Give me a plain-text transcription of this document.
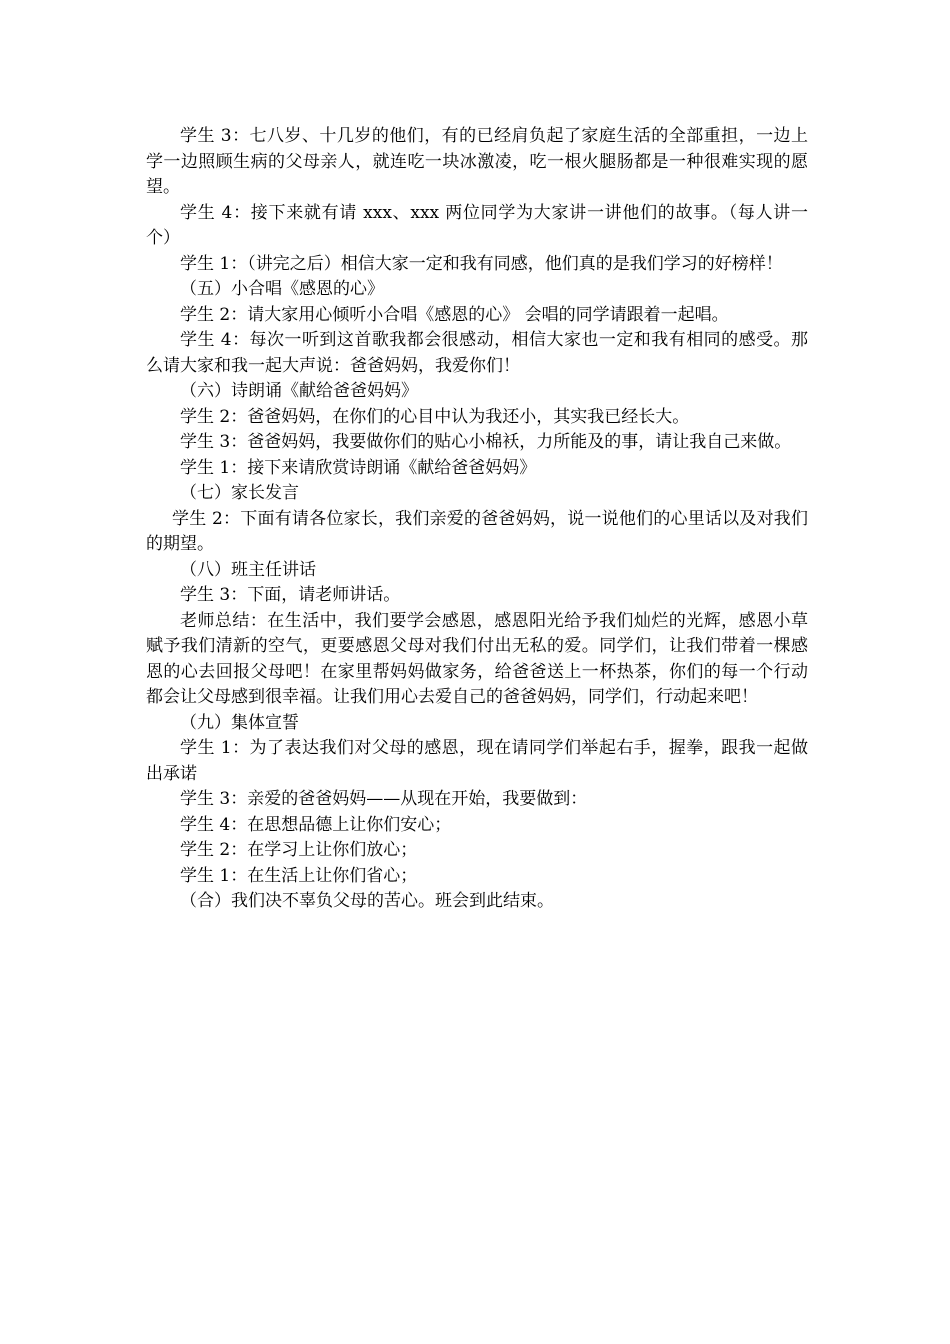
学生 3：七八岁、十几岁的他们，有的已经肩负起了家庭生活的全部重担，一边上学一边照顾生病的父母亲人，就连吃一块冰激凌，吃一根火腿肠都是一种很难实现的愿望。

学生 4：接下来就有请 xxx、xxx 两位同学为大家讲一讲他们的故事。（每人讲一个）

学生 1：（讲完之后）相信大家一定和我有同感，他们真的是我们学习的好榜样！

（五）小合唱《感恩的心》

学生 2：请大家用心倾听小合唱《感恩的心》 会唱的同学请跟着一起唱。

学生 4：每次一听到这首歌我都会很感动，相信大家也一定和我有相同的感受。那么请大家和我一起大声说：爸爸妈妈，我爱你们！

（六）诗朗诵《献给爸爸妈妈》

学生 2：爸爸妈妈，在你们的心目中认为我还小，其实我已经长大。

学生 3：爸爸妈妈，我要做你们的贴心小棉袄，力所能及的事，请让我自己来做。

学生 1：接下来请欣赏诗朗诵《献给爸爸妈妈》

（七）家长发言

学生 2：下面有请各位家长，我们亲爱的爸爸妈妈，说一说他们的心里话以及对我们的期望。

（八）班主任讲话

学生 3：下面，请老师讲话。

老师总结：在生活中，我们要学会感恩，感恩阳光给予我们灿烂的光辉，感恩小草赋予我们清新的空气，更要感恩父母对我们付出无私的爱。同学们，让我们带着一棵感恩的心去回报父母吧！在家里帮妈妈做家务，给爸爸送上一杯热茶，你们的每一个行动都会让父母感到很幸福。让我们用心去爱自己的爸爸妈妈，同学们，行动起来吧！

（九）集体宣誓

学生 1：为了表达我们对父母的感恩，现在请同学们举起右手，握拳，跟我一起做出承诺

学生 3：亲爱的爸爸妈妈——从现在开始，我要做到：

学生 4：在思想品德上让你们安心；

学生 2：在学习上让你们放心；

学生 1：在生活上让你们省心；

（合）我们决不辜负父母的苦心。班会到此结束。
